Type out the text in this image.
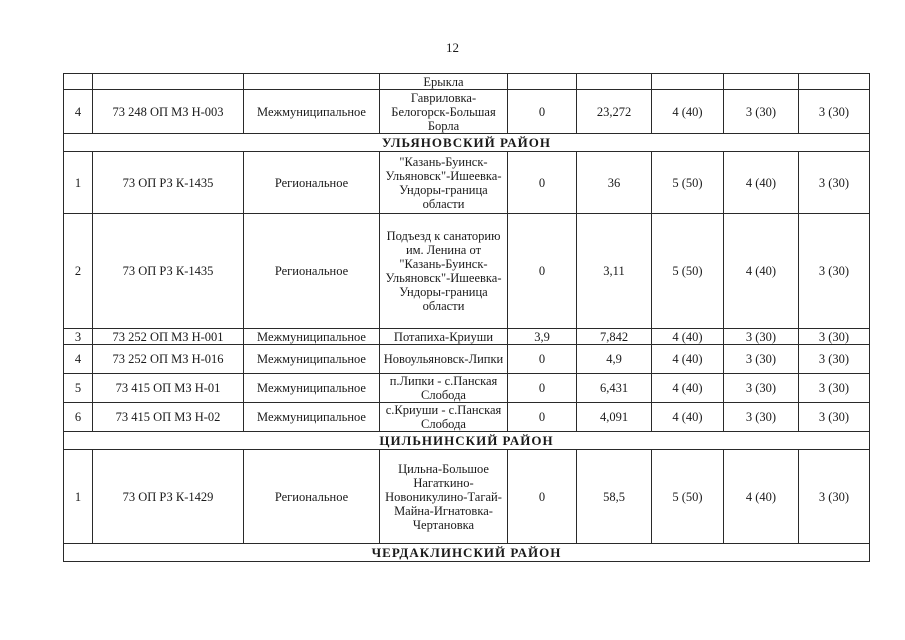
12
			Ерыкла					
4	73 248 ОП МЗ Н-003	Межмуниципальное	Гавриловка-Белогорск-Большая Борла	0	23,272	4 (40)	3 (30)	3 (30)
УЛЬЯНОВСКИЙ РАЙОН								
1	73 ОП РЗ К-1435	Региональное	"Казань-Буинск-Ульяновск"-Ишеевка-Ундоры-граница области	0	36	5 (50)	4 (40)	3 (30)
2	73 ОП РЗ К-1435	Региональное	Подъезд к санаторию им. Ленина от "Казань-Буинск-Ульяновск"-Ишеевка-Ундоры-граница области	0	3,11	5 (50)	4 (40)	3 (30)
3	73 252 ОП МЗ Н-001	Межмуниципальное	Потапиха-Криуши	3,9	7,842	4 (40)	3 (30)	3 (30)
4	73 252 ОП МЗ Н-016	Межмуниципальное	Новоульяновск-Липки	0	4,9	4 (40)	3 (30)	3 (30)
5	73 415 ОП МЗ Н-01	Межмуниципальное	п.Липки - с.Панская Слобода	0	6,431	4 (40)	3 (30)	3 (30)
6	73 415 ОП МЗ Н-02	Межмуниципальное	с.Криуши - с.Панская Слобода	0	4,091	4 (40)	3 (30)	3 (30)
ЦИЛЬНИНСКИЙ РАЙОН								
1	73 ОП РЗ К-1429	Региональное	Цильна-Большое Нагаткино-Новоникулино-Тагай-Майна-Игнатовка-Чертановка	0	58,5	5 (50)	4 (40)	3 (30)
ЧЕРДАКЛИНСКИЙ РАЙОН								
